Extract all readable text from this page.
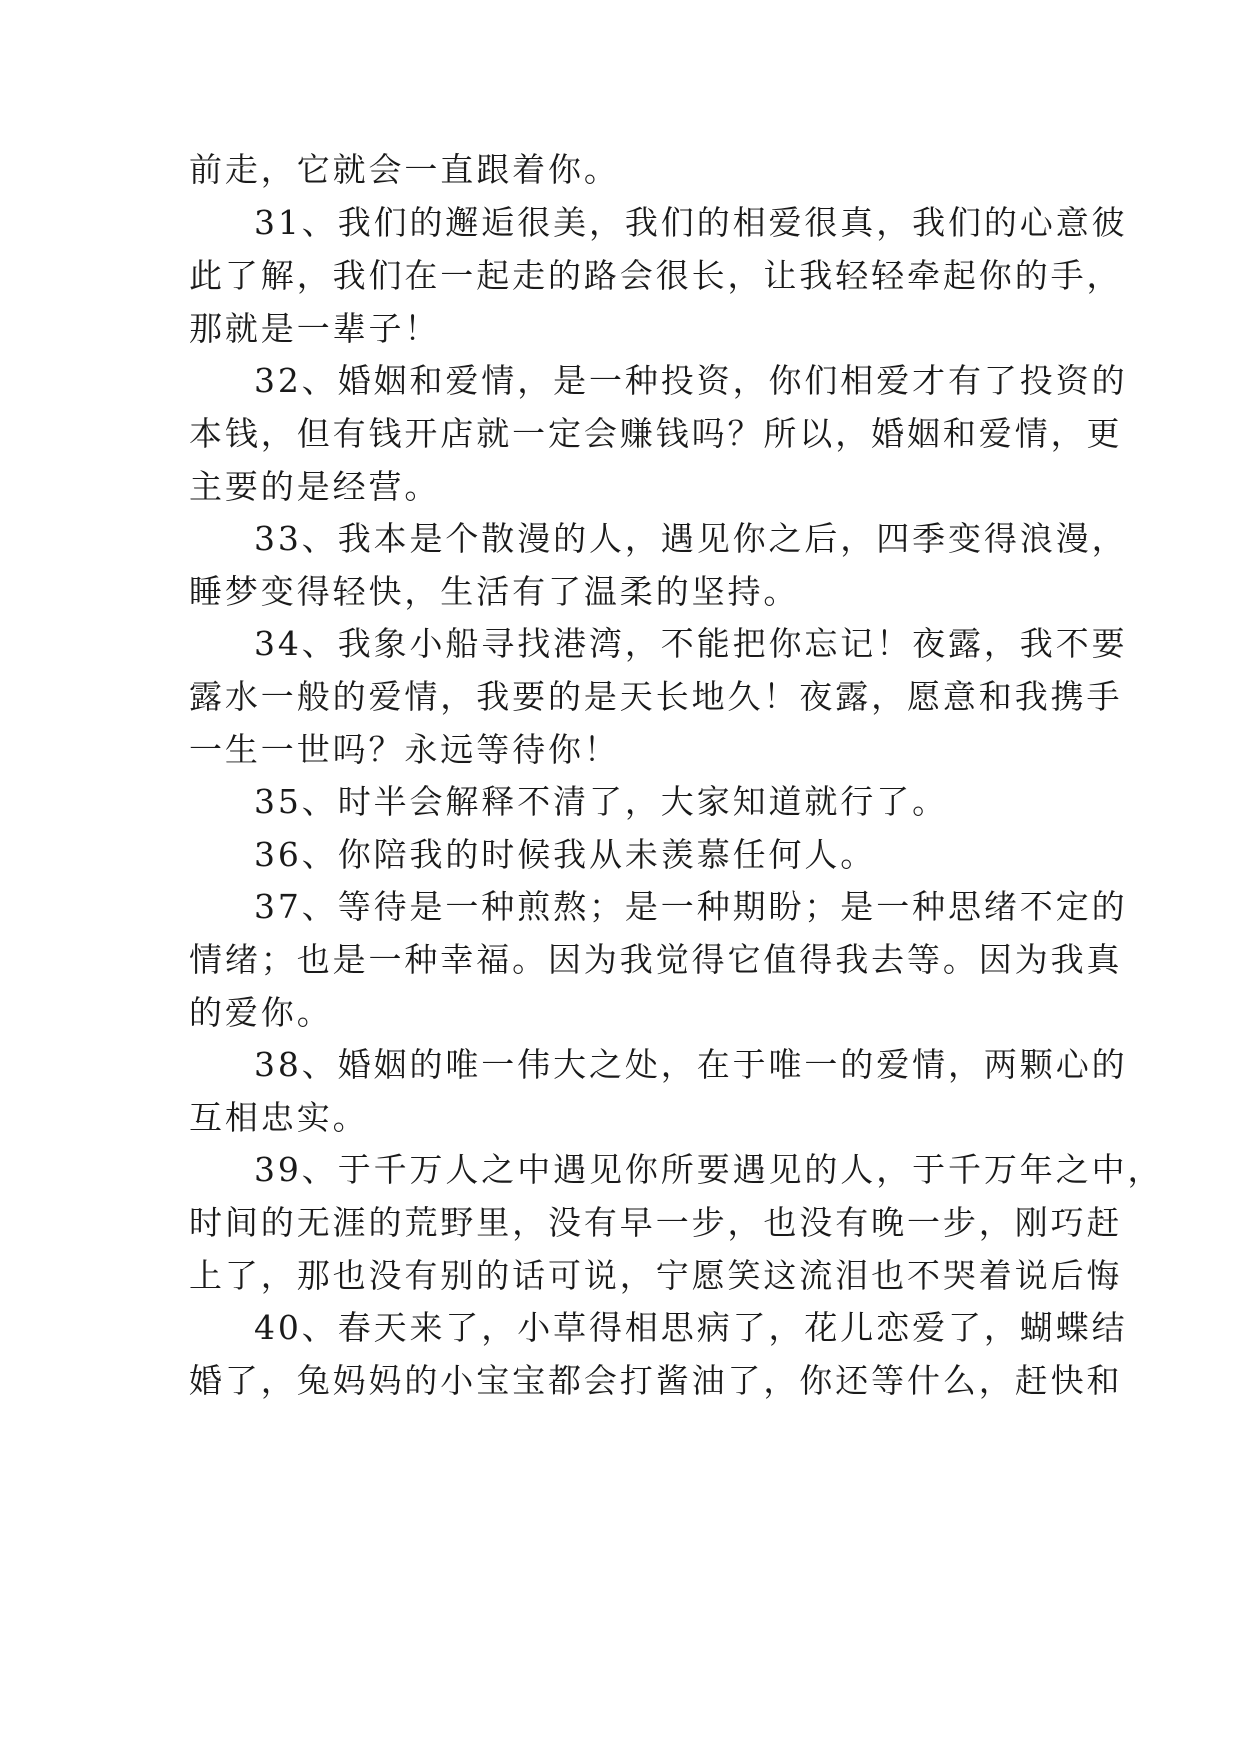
前走，它就会一直跟着你。

31、我们的邂逅很美，我们的相爱很真，我们的心意彼

此了解，我们在一起走的路会很长，让我轻轻牵起你的手，

那就是一辈子！

32、婚姻和爱情，是一种投资，你们相爱才有了投资的

本钱，但有钱开店就一定会赚钱吗？所以，婚姻和爱情，更

主要的是经营。

33、我本是个散漫的人，遇见你之后，四季变得浪漫，

睡梦变得轻快，生活有了温柔的坚持。

34、我象小船寻找港湾，不能把你忘记！夜露，我不要

露水一般的爱情，我要的是天长地久！夜露，愿意和我携手

一生一世吗？永远等待你！

35、时半会解释不清了，大家知道就行了。

36、你陪我的时候我从未羡慕任何人。

37、等待是一种煎熬；是一种期盼；是一种思绪不定的

情绪；也是一种幸福。因为我觉得它值得我去等。因为我真

的爱你。

38、婚姻的唯一伟大之处，在于唯一的爱情，两颗心的

互相忠实。

39、于千万人之中遇见你所要遇见的人，于千万年之中，

时间的无涯的荒野里，没有早一步，也没有晚一步，刚巧赶

上了，那也没有别的话可说，宁愿笑这流泪也不哭着说后悔

40、春天来了，小草得相思病了，花儿恋爱了，蝴蝶结

婚了，兔妈妈的小宝宝都会打酱油了，你还等什么，赶快和
